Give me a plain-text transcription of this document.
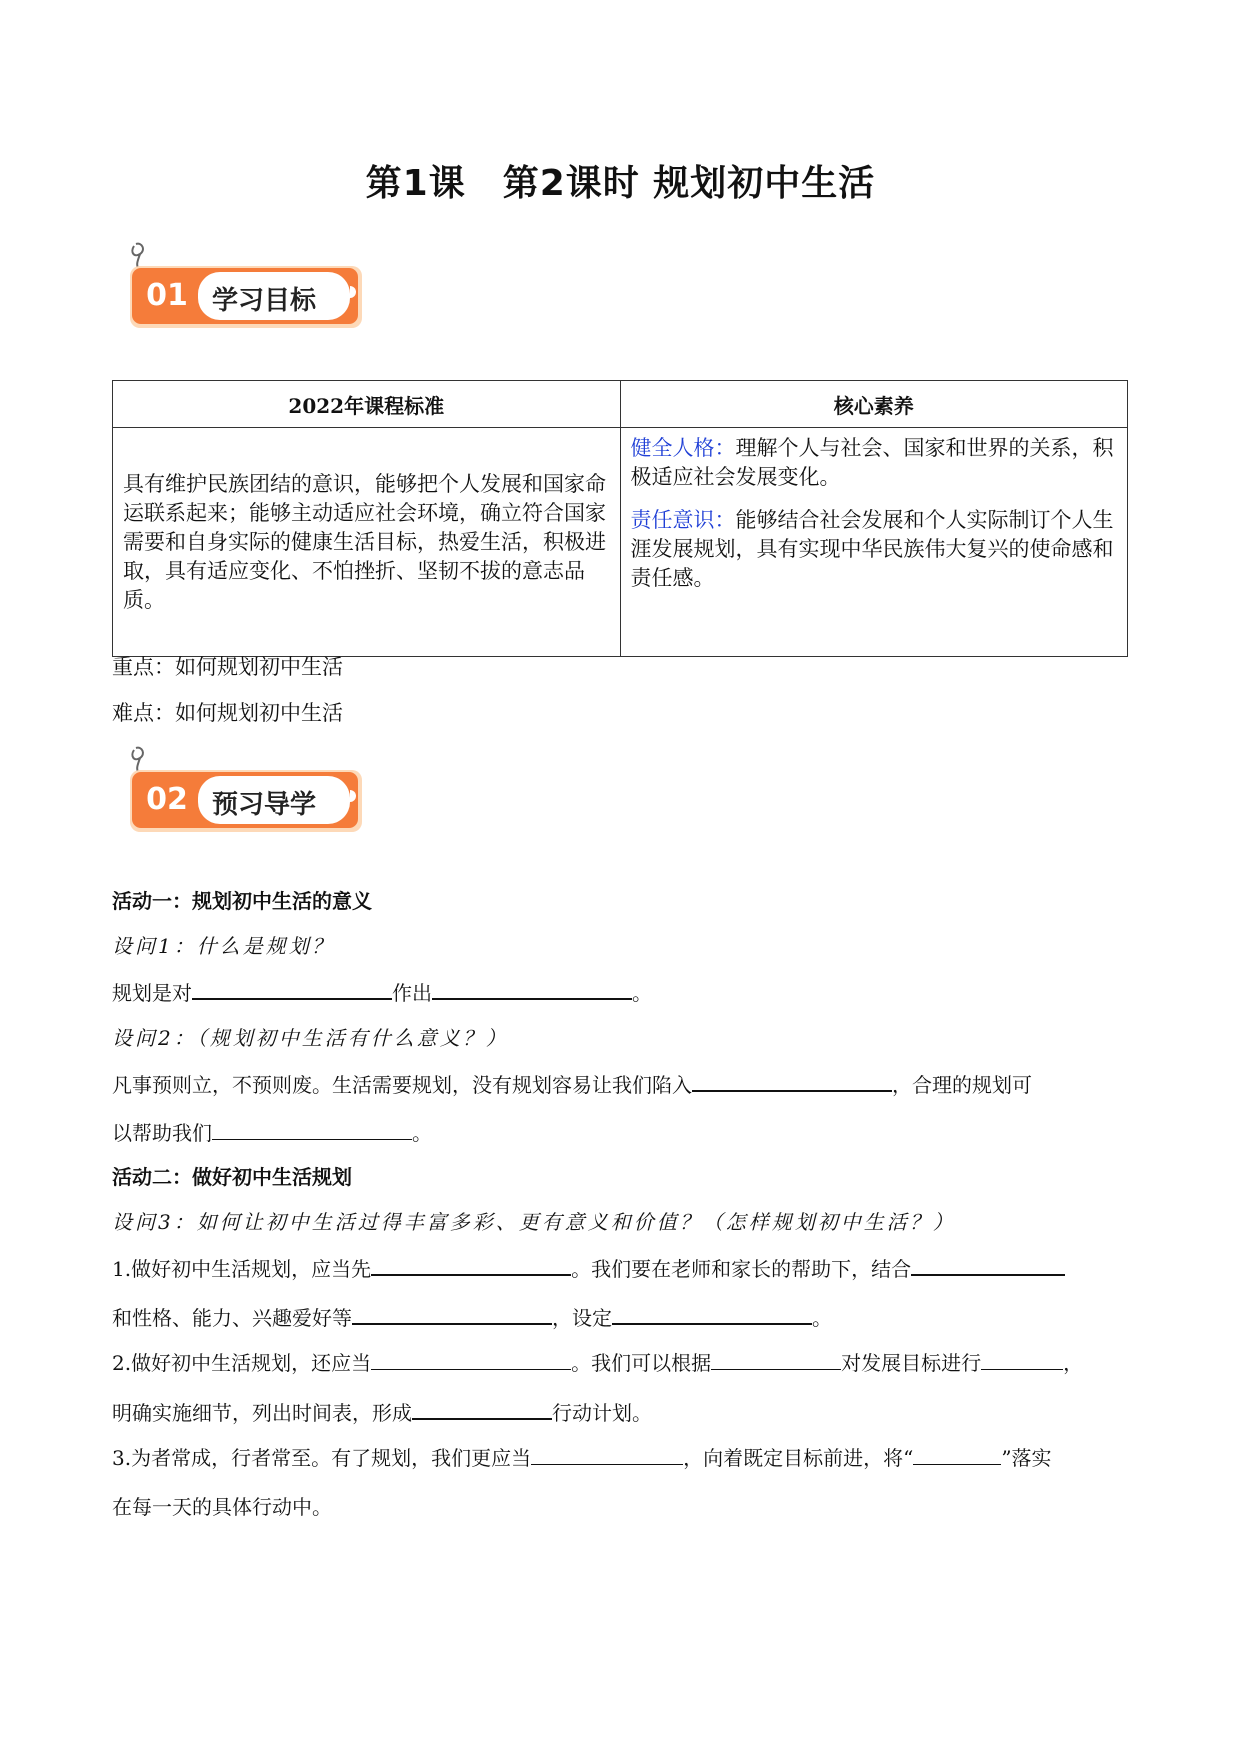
第1课　第2课时 规划初中生活
01 学习目标
2022年课程标准	核心素养
具有维护民族团结的意识，能够把个人发展和国家命运联系起来；能够主动适应社会环境，确立符合国家需要和自身实际的健康生活目标，热爱生活，积极进取，具有适应变化、不怕挫折、坚韧不拔的意志品质。	健全人格：理解个人与社会、国家和世界的关系，积极适应社会发展变化。

责任意识：能够结合社会发展和个人实际制订个人生涯发展规划，具有实现中华民族伟大复兴的使命感和责任感。

重点：如何规划初中生活
难点：如何规划初中生活
02 预习导学
活动一：规划初中生活的意义
设问1：什么是规划？
规划是对	作出	。
设问2：（规划初中生活有什么意义？）
凡事预则立，不预则废。生活需要规划，没有规划容易让我们陷入	，合理的规划可
以帮助我们	。
活动二：做好初中生活规划
设问3：如何让初中生活过得丰富多彩、更有意义和价值？（怎样规划初中生活？）
1.做好初中生活规划，应当先	。我们要在老师和家长的帮助下，结合
和性格、能力、兴趣爱好等	，设定	。
2.做好初中生活规划，还应当	。我们可以根据	对发展目标进行	，
明确实施细节，列出时间表，形成	行动计划。
3.为者常成，行者常至。有了规划，我们更应当	，向着既定目标前进，将“	”落实
在每一天的具体行动中。
